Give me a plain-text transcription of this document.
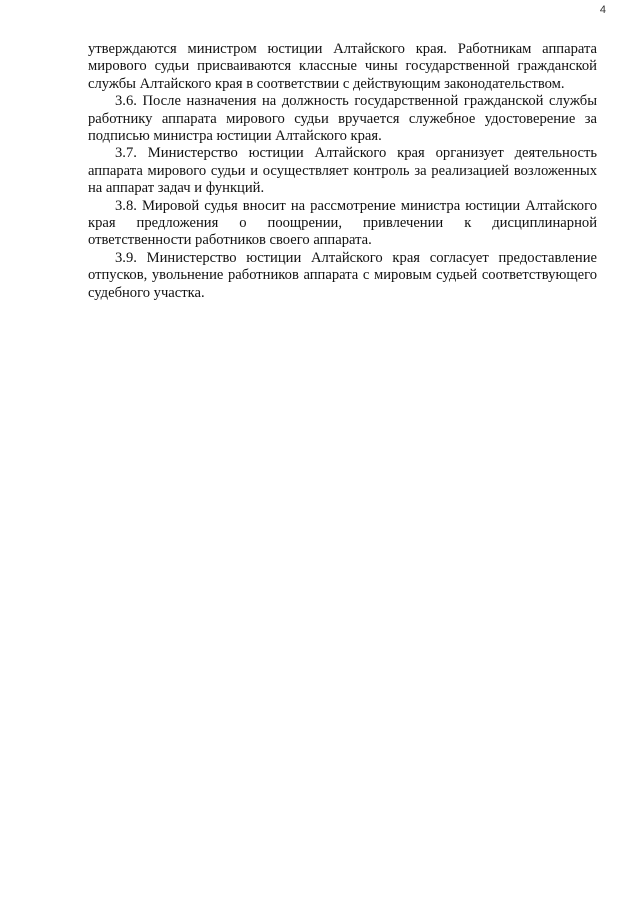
4

утверждаются министром юстиции Алтайского края. Работникам аппарата мирового судьи присваиваются классные чины государственной гражданской службы Алтайского края в соответствии с действующим законодательством.

3.6. После назначения на должность государственной гражданской службы работнику аппарата мирового судьи вручается служебное удостоверение за подписью министра юстиции Алтайского края.

3.7. Министерство юстиции Алтайского края организует деятельность аппарата мирового судьи и осуществляет контроль за реализацией возложенных на аппарат задач и функций.

3.8. Мировой судья вносит на рассмотрение министра юстиции Алтайского края предложения о поощрении, привлечении к дисциплинарной ответственности работников своего аппарата.

3.9. Министерство юстиции Алтайского края согласует предоставление отпусков, увольнение работников аппарата с мировым судьей соответствующего судебного участка.
